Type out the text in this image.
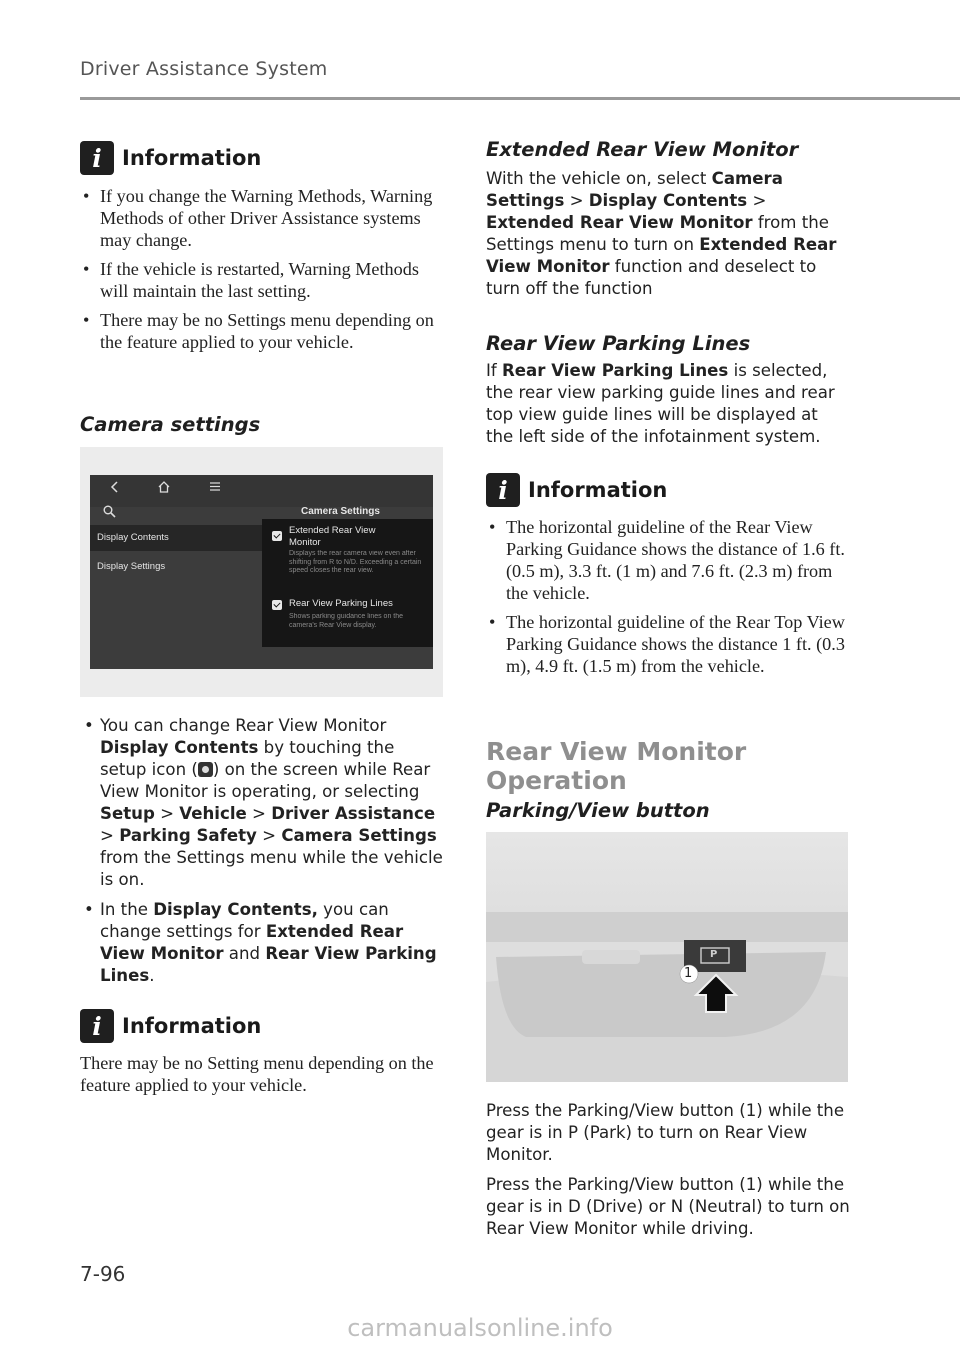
Driver Assistance System
i Information
• If you change the Warning Methods, Warning Methods of other Driver Assistance systems may change.
• If the vehicle is restarted, Warning Methods will maintain the last setting.
• There may be no Settings menu depending on the feature applied to your vehicle.
Camera settings
Display Contents
Display Settings
Camera Settings
Extended Rear View Monitor
Displays the rear camera view even after shifting from R to N/D. Exceeding a certain speed closes the rear view.
Rear View Parking Lines
Shows parking guidance lines on the camera's Rear View display.
• You can change Rear View Monitor Display Contents by touching the setup icon ( ) on the screen while Rear View Monitor is operating, or selecting Setup > Vehicle > Driver Assistance > Parking Safety > Camera Settings from the Settings menu while the vehicle is on.
• In the Display Contents, you can change settings for Extended Rear View Monitor and Rear View Parking Lines.
i Information
There may be no Setting menu depending on the feature applied to your vehicle.
Extended Rear View Monitor
With the vehicle on, select Camera Settings > Display Contents > Extended Rear View Monitor from the Settings menu to turn on Extended Rear View Monitor function and deselect to turn off the function
Rear View Parking Lines
If Rear View Parking Lines is selected, the rear view parking guide lines and rear top view guide lines will be displayed at the left side of the infotainment system.
i Information
• The horizontal guideline of the Rear View Parking Guidance shows the distance of 1.6 ft. (0.5 m), 3.3 ft. (1 m) and 7.6 ft. (2.3 m) from the vehicle.
• The horizontal guideline of the Rear Top View Parking Guidance shows the distance 1 ft. (0.3 m), 4.9 ft. (1.5 m) from the vehicle.
Rear View Monitor Operation
Parking/View button
P
1
Press the Parking/View button (1) while the gear is in P (Park) to turn on Rear View Monitor.
Press the Parking/View button (1) while the gear is in D (Drive) or N (Neutral) to turn on Rear View Monitor while driving.
7-96
carmanualsonline.info
